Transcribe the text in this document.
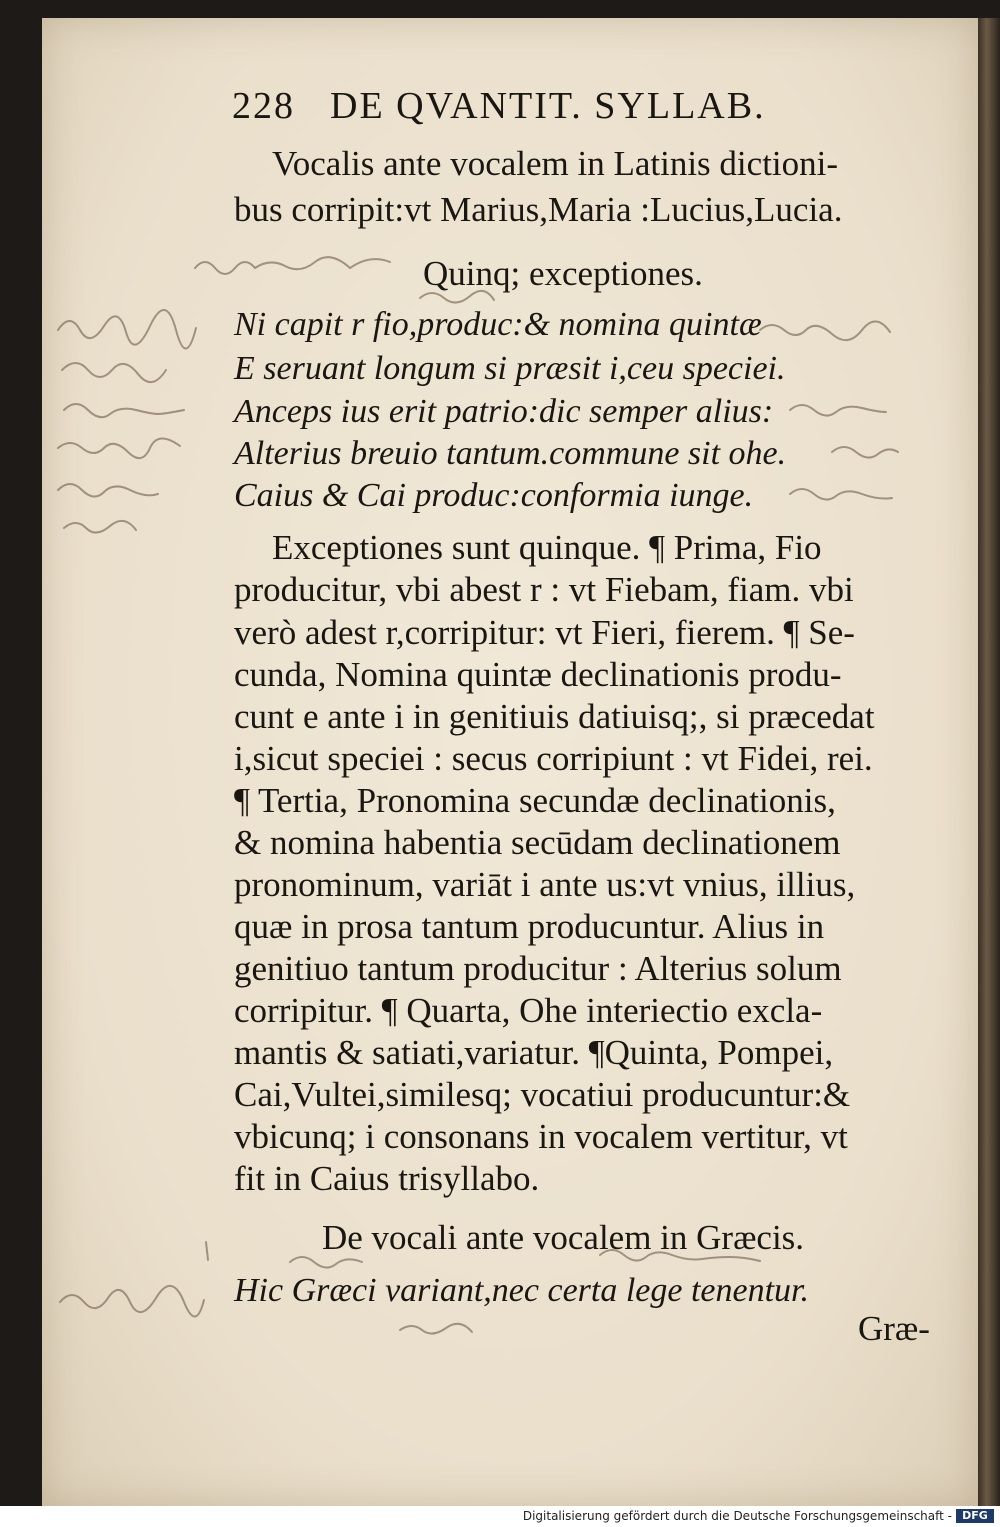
228 DE QVANTIT. SYLLAB.
Vocalis ante vocalem in Latinis dictioni-
bus corripit:vt Marius,Maria :Lucius,Lucia.
Quinq; exceptiones.
Ni capit r fio,produc:& nomina quintæ
E seruant longum si præsit i,ceu speciei.
Anceps ius erit patrio:dic semper alius:
Alterius breuio tantum.commune sit ohe.
Caius & Cai produc:conformia iunge.
Exceptiones sunt quinque. ¶ Prima, Fio
producitur, vbi abest r : vt Fiebam, fiam. vbi
verò adest r,corripitur: vt Fieri, fierem. ¶ Se-
cunda, Nomina quintæ declinationis produ-
cunt e ante i in genitiuis datiuisq;, si præcedat
i,sicut speciei : secus corripiunt : vt Fidei, rei.
¶ Tertia, Pronomina secundæ declinationis,
& nomina habentia secūdam declinationem
pronominum, variāt i ante us:vt vnius, illius,
quæ in prosa tantum producuntur. Alius in
genitiuo tantum producitur : Alterius solum
corripitur. ¶ Quarta, Ohe interiectio excla-
mantis & satiati,variatur. ¶Quinta, Pompei,
Cai,Vultei,similesq; vocatiui producuntur:&
vbicunq; i consonans in vocalem vertitur, vt
fit in Caius trisyllabo.
De vocali ante vocalem in Græcis.
Hic Græci variant,nec certa lege tenentur.
Græ-
Digitalisierung gefördert durch die Deutsche Forschungsgemeinschaft - DFG
